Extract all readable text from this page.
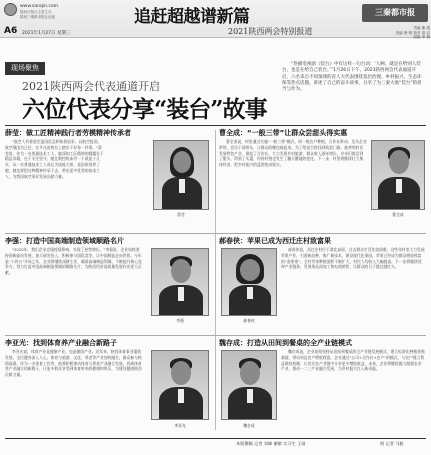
www.sanqin.com
陕西日报社主管主办
陕西三秦都市报社出版	追赶超越谱新篇
2021陕西两会特别报道
三秦都市报
责编 董 超
美编 鲁 明 校对 高 洁
组版 李 倩
A6 2021年1月27日 星期三
现场聚焦
2021陕西两会代表通道开启
六位代表分享“装台”故事
“热播电视剧《装台》中有这样一句台词：‘人啊，就是在给别人装台，也是在给自己装台。’”1月26日下午，2021陕西两会代表通道开启，六名来自不同领域的省人大代表围绕基层治理、乡村振兴、生态环保等热点话题，讲述了自己的奋斗故事，分享了为三秦大地“装台”的担当与作为。
薛莹：做工匠精神践行者劳模精神传承者
“航空人有着坚定报国信念和执着追求，以航空报国、航空强国为己任，在平凡的岗位上踏实干好每一件事。”薛莹说，作为一名普通技术工人，她深知工匠精神的精髓在于精益求精，在于专注坚守，她在数控机床旁一干就是十几年，从一名普通技术工人成长为技能大师，是国家培养了她，她也要把这种精神传承下去，带出更多优秀的技术工人，为我国航空事业发展贡献力量。
薛莹
曹全成：“一般三带”让群众尝甜头得实惠
曹全成说，村里通过实施“一般三带”模式，即一般农户种植，合作社带动，龙头企业带领，党员干部带头，让群众的腰包鼓起来。为了给老百姓找到致富门路，他带领村民发展特色产业，建起了合作社，大力发展乡村旅游，群众收入逐年增长，乡亲们都尝到了甜头，得到了实惠，村容村貌也发生了翻天覆地的变化。下一步，村里将继续壮大集体经济，把乡村振兴的蓝图变成现实。
曹全成
李强：打造中国高端制造领域顺路名片
“2020年，我们企业克服疫情影响，实现了逆势增长。”李强说，企业始终坚持创新驱动发展，加大研发投入，积极参与国际竞争，让中国制造走向世界。今年是“十四五”开局之年，企业将继续深耕主业，瞄准高端制造领域，不断提升核心竞争力，努力打造中国高端制造领域的顺路名片，为陕西经济高质量发展作出更大贡献。
李强
郝春侠：苹果已成为西迁庄村致富果
郝春侠说，西迁庄村位于渭北高原，过去群众生活比较困难，这些年村里大力发展苹果产业，引进新品种，推广新技术，建设现代化果园，苹果已经成为群众增收致富的“金果果”。全村苹果种植面积不断扩大，村民人均收入大幅提高，下一步将继续延伸产业链条，发展果品深加工和电商销售，让群众的日子越过越红火。
郝春侠
李亚光：找到体育养产业融合新路子
李亚光说，体育产业是健康产业，也是朝阳产业。近年来，陕西体育事业蓬勃发展，全民健身深入人心，体育与旅游、文化、养老等产业加快融合，群众参与热情高涨。作为一名体育工作者，他将积极推动体育与养老产业融合发展，找到体育养产业融合的新路子，让更多群众享受到体育带来的健康和快乐，为建设健康陕西贡献力量。
李亚光
魏存成：打造从田间到餐桌的全产业链模式
魏存成说，企业始终坚持从田间到餐桌的全产业链发展模式，建立标准化种植养殖基地，带动周边农户增收致富。企业通过“公司+合作社+农户”的模式，与农户建立利益联结机制，让农民在产业链中分享更多增值收益。未来，企业将继续做大做强农业产业，推动一二三产业融合发展，为乡村振兴注入新动能。
魏存成
本版撰稿 记者 刘峰 谢敏 实习生 王靖	图 记者 马毅
